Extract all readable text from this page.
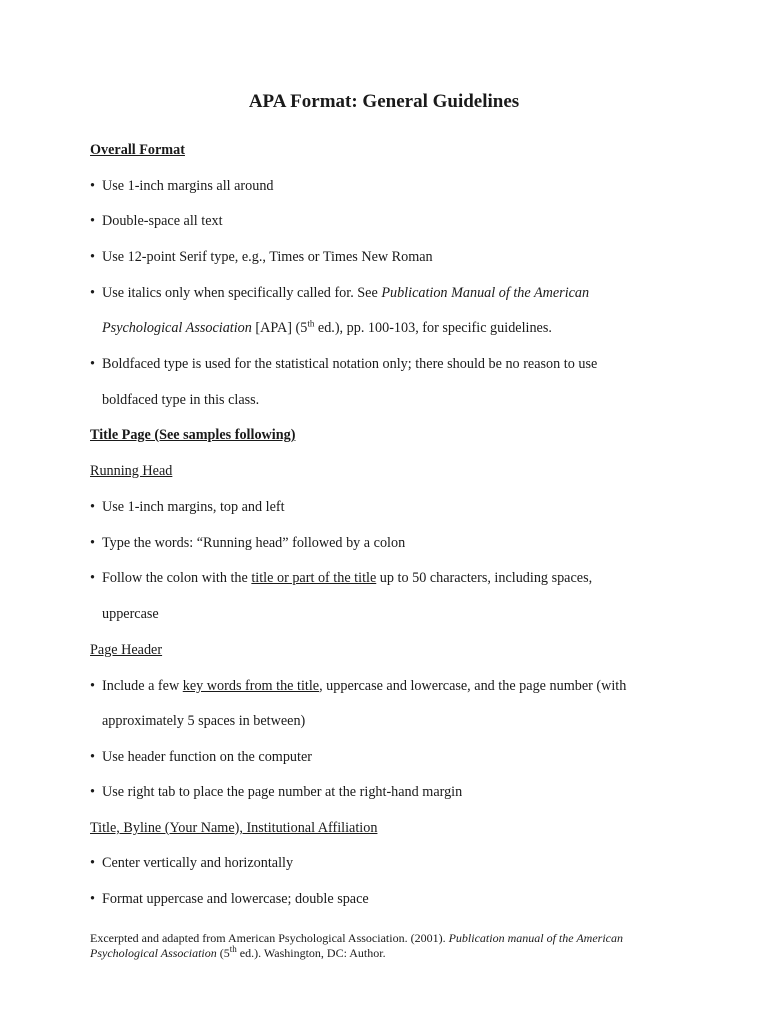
APA Format: General Guidelines
Overall Format
• Use 1-inch margins all around
• Double-space all text
• Use 12-point Serif type, e.g., Times or Times New Roman
• Use italics only when specifically called for. See Publication Manual of the American
Psychological Association [APA] (5th ed.), pp. 100-103, for specific guidelines.
• Boldfaced type is used for the statistical notation only; there should be no reason to use
boldfaced type in this class.
Title Page (See samples following)
Running Head
• Use 1-inch margins, top and left
• Type the words: “Running head” followed by a colon
• Follow the colon with the title or part of the title up to 50 characters, including spaces,
uppercase
Page Header
• Include a few key words from the title, uppercase and lowercase, and the page number (with
approximately 5 spaces in between)
• Use header function on the computer
• Use right tab to place the page number at the right-hand margin
Title, Byline (Your Name), Institutional Affiliation
• Center vertically and horizontally
• Format uppercase and lowercase; double space
Excerpted and adapted from American Psychological Association. (2001). Publication manual of the American
Psychological Association (5th ed.). Washington, DC: Author.
